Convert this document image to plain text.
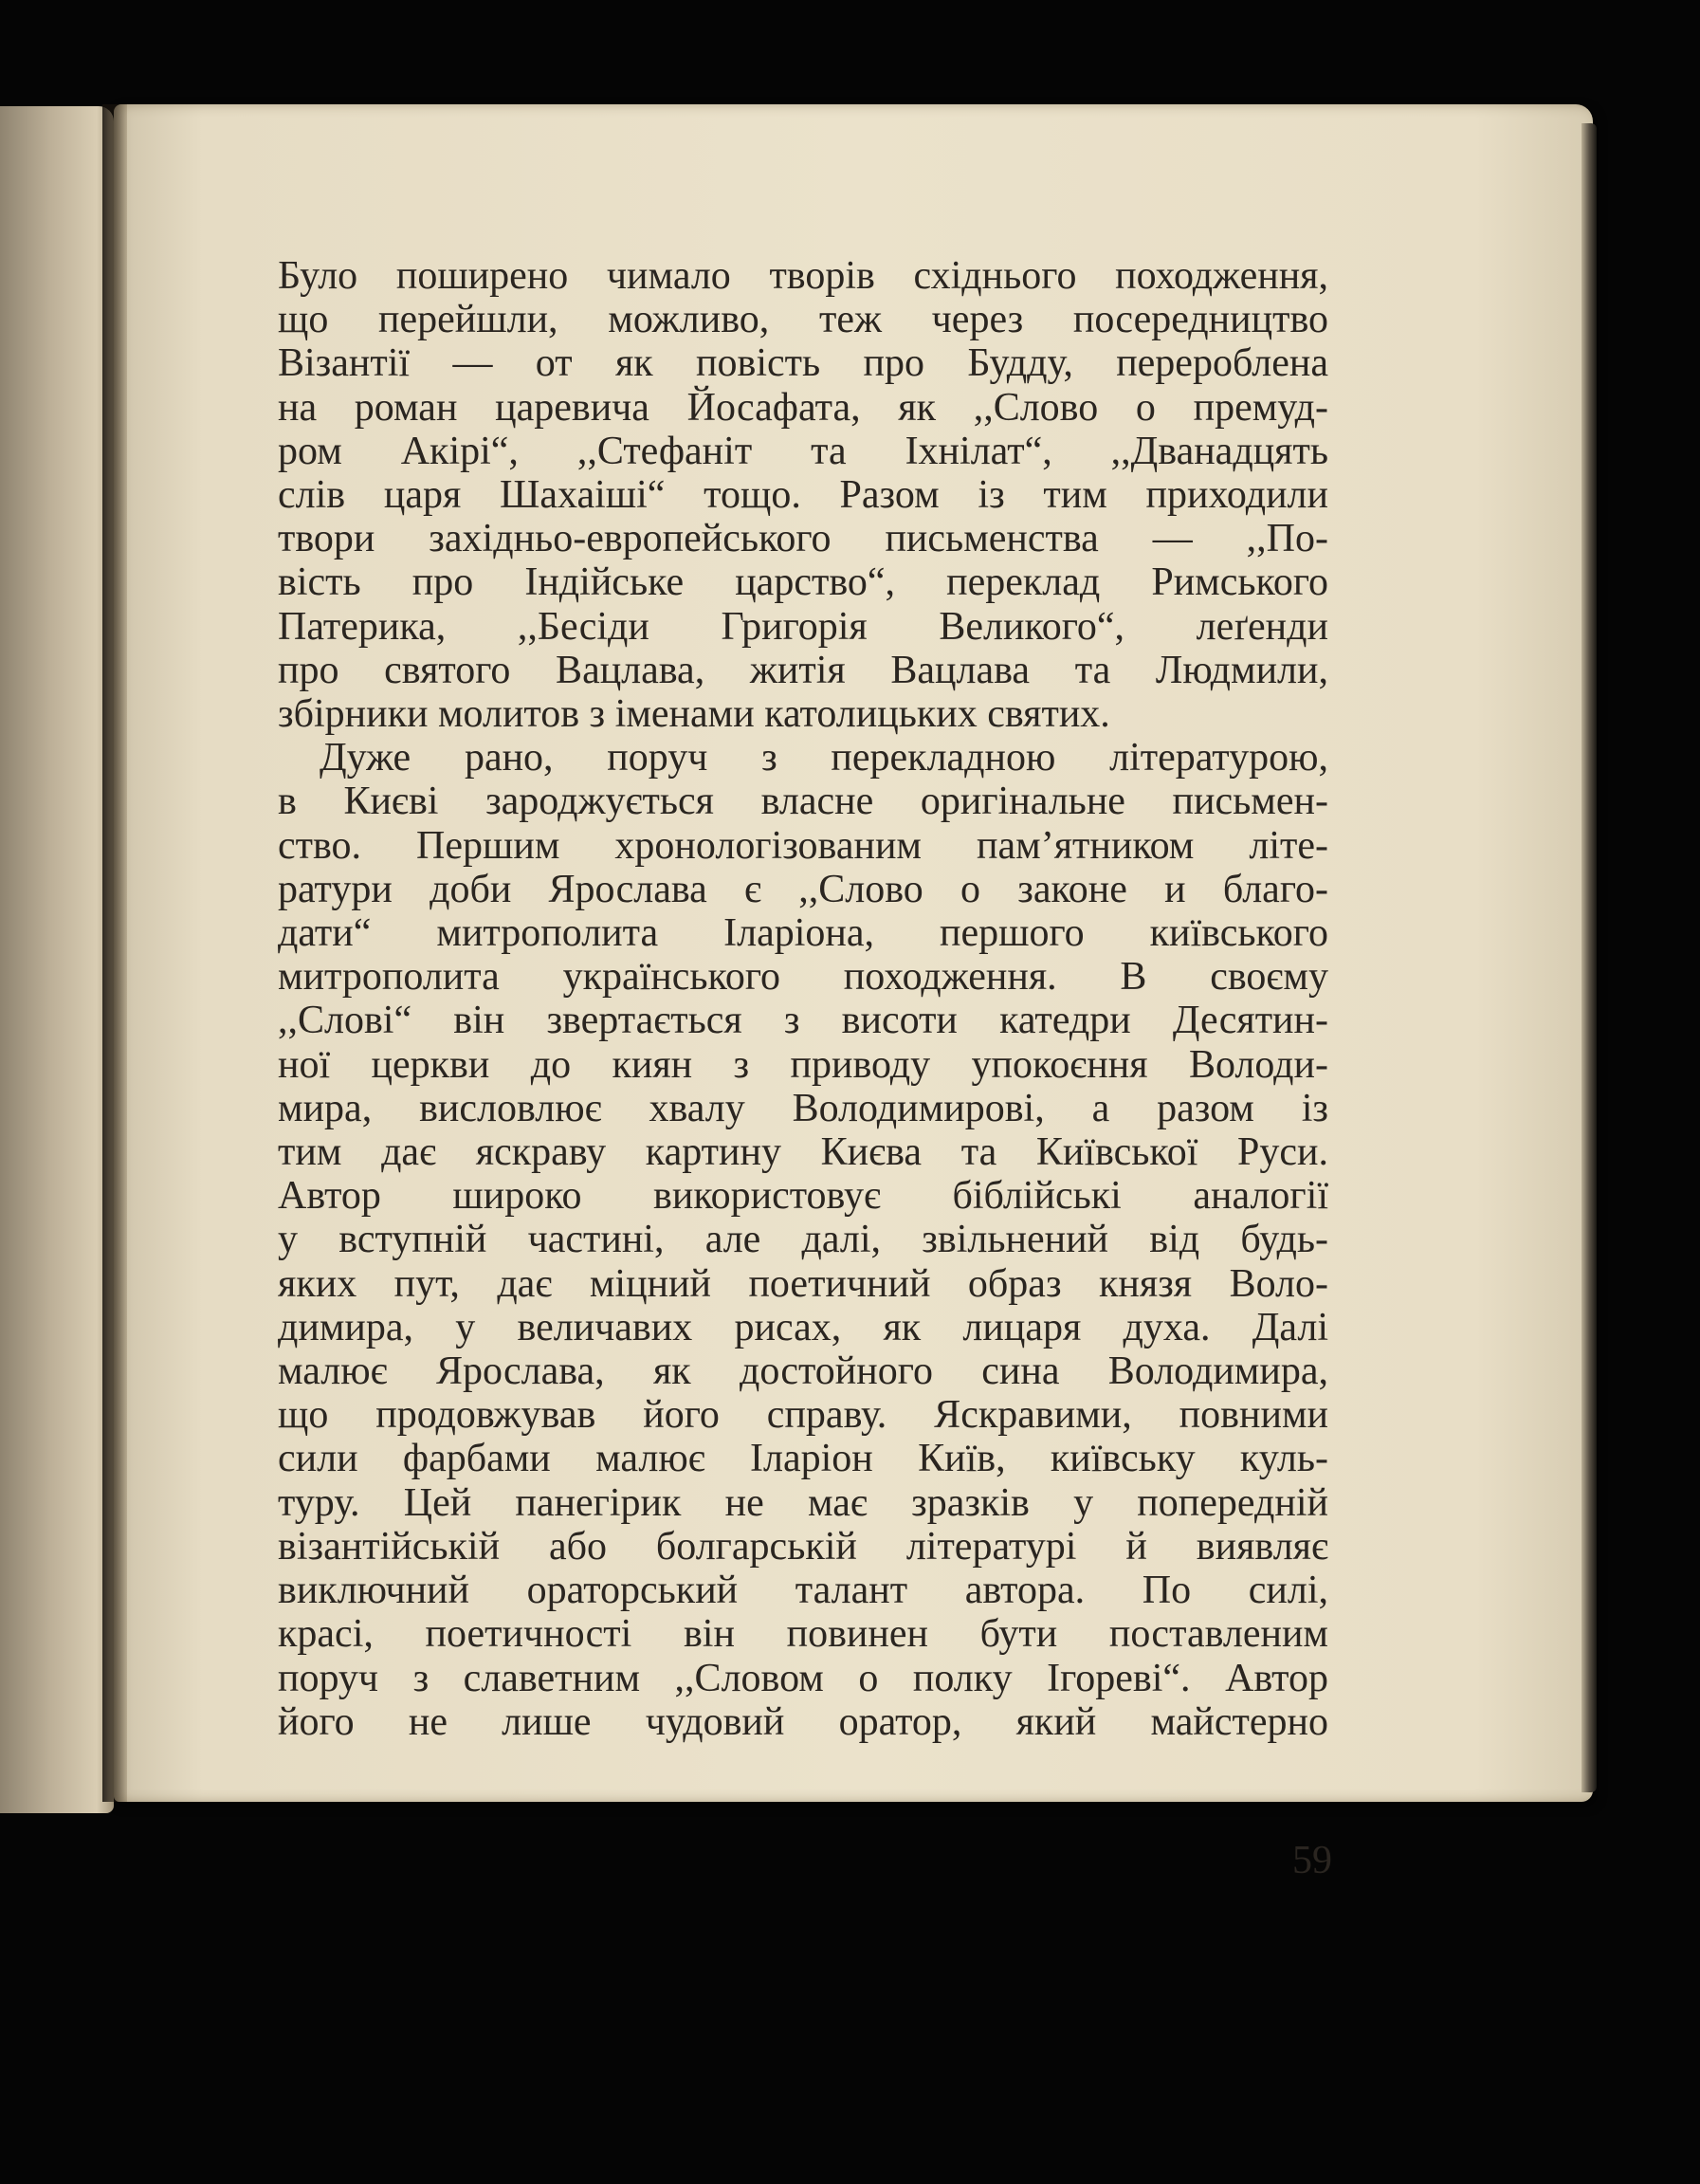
Було поширено чимало творів східнього походження,
що перейшли, можливо, теж через посередництво
Візантії — от як повість про Будду, перероблена
на роман царевича Йосафата, як ,,Слово о премуд-
ром Акірі“, ,,Стефаніт та Іхнілат“, ,,Дванадцять
слів царя Шахаіші“ тощо. Разом із тим приходили
твори західньо-европейського письменства — ,,По-
вість про Індійське царство“, переклад Римського
Патерика, ,,Бесіди Григорія Великого“, леґенди
про святого Вацлава, житія Вацлава та Людмили,
збірники молитов з іменами католицьких святих.
Дуже рано, поруч з перекладною літературою,
в Києві зароджується власне оригінальне письмен-
ство. Першим хронологізованим пам’ятником літе-
ратури доби Ярослава є ,,Слово о законе и благо-
дати“ митрополита Іларіона, першого київського
митрополита українського походження. В своєму
,,Слові“ він звертається з висоти катедри Десятин-
ної церкви до киян з приводу упокоєння Володи-
мира, висловлює хвалу Володимирові, а разом із
тим дає яскраву картину Києва та Київської Руси.
Автор широко використовує біблійські аналогії
у вступній частині, але далі, звільнений від будь-
яких пут, дає міцний поетичний образ князя Воло-
димира, у величавих рисах, як лицаря духа. Далі
малює Ярослава, як достойного сина Володимира,
що продовжував його справу. Яскравими, повними
сили фарбами малює Іларіон Київ, київську куль-
туру. Цей панегірик не має зразків у попередній
візантійській або болгарській літературі й виявляє
виключний ораторський талант автора. По силі,
красі, поетичності він повинен бути поставленим
поруч з славетним ,,Словом о полку Ігореві“. Автор
його не лише чудовий оратор, який майстерно
59
